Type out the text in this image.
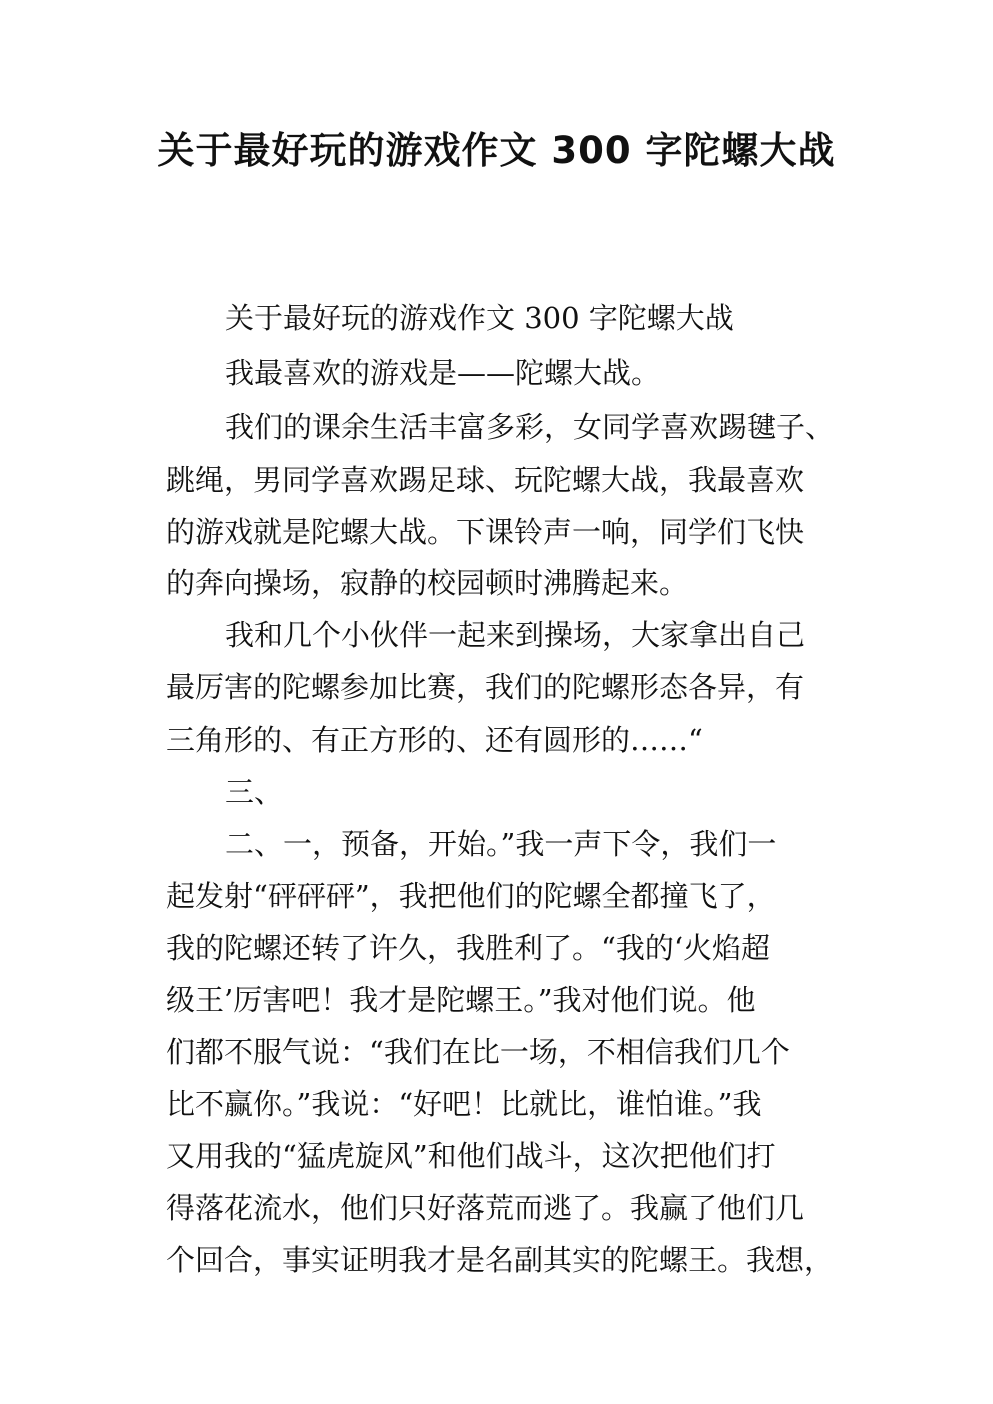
关于最好玩的游戏作文 300 字陀螺大战

关于最好玩的游戏作文 300 字陀螺大战

我最喜欢的游戏是——陀螺大战。

我们的课余生活丰富多彩，女同学喜欢踢毽子、

跳绳，男同学喜欢踢足球、玩陀螺大战，我最喜欢

的游戏就是陀螺大战。下课铃声一响，同学们飞快

的奔向操场，寂静的校园顿时沸腾起来。

我和几个小伙伴一起来到操场，大家拿出自己

最厉害的陀螺参加比赛，我们的陀螺形态各异，有

三角形的、有正方形的、还有圆形的……“

三、

二、一，预备，开始。”我一声下令，我们一

起发射“砰砰砰”，我把他们的陀螺全都撞飞了，

我的陀螺还转了许久，我胜利了。“我的‘火焰超

级王’厉害吧！我才是陀螺王。”我对他们说。他

们都不服气说：“我们在比一场，不相信我们几个

比不赢你。”我说：“好吧！比就比，谁怕谁。”我

又用我的“猛虎旋风”和他们战斗，这次把他们打

得落花流水，他们只好落荒而逃了。我赢了他们几

个回合，事实证明我才是名副其实的陀螺王。我想，
